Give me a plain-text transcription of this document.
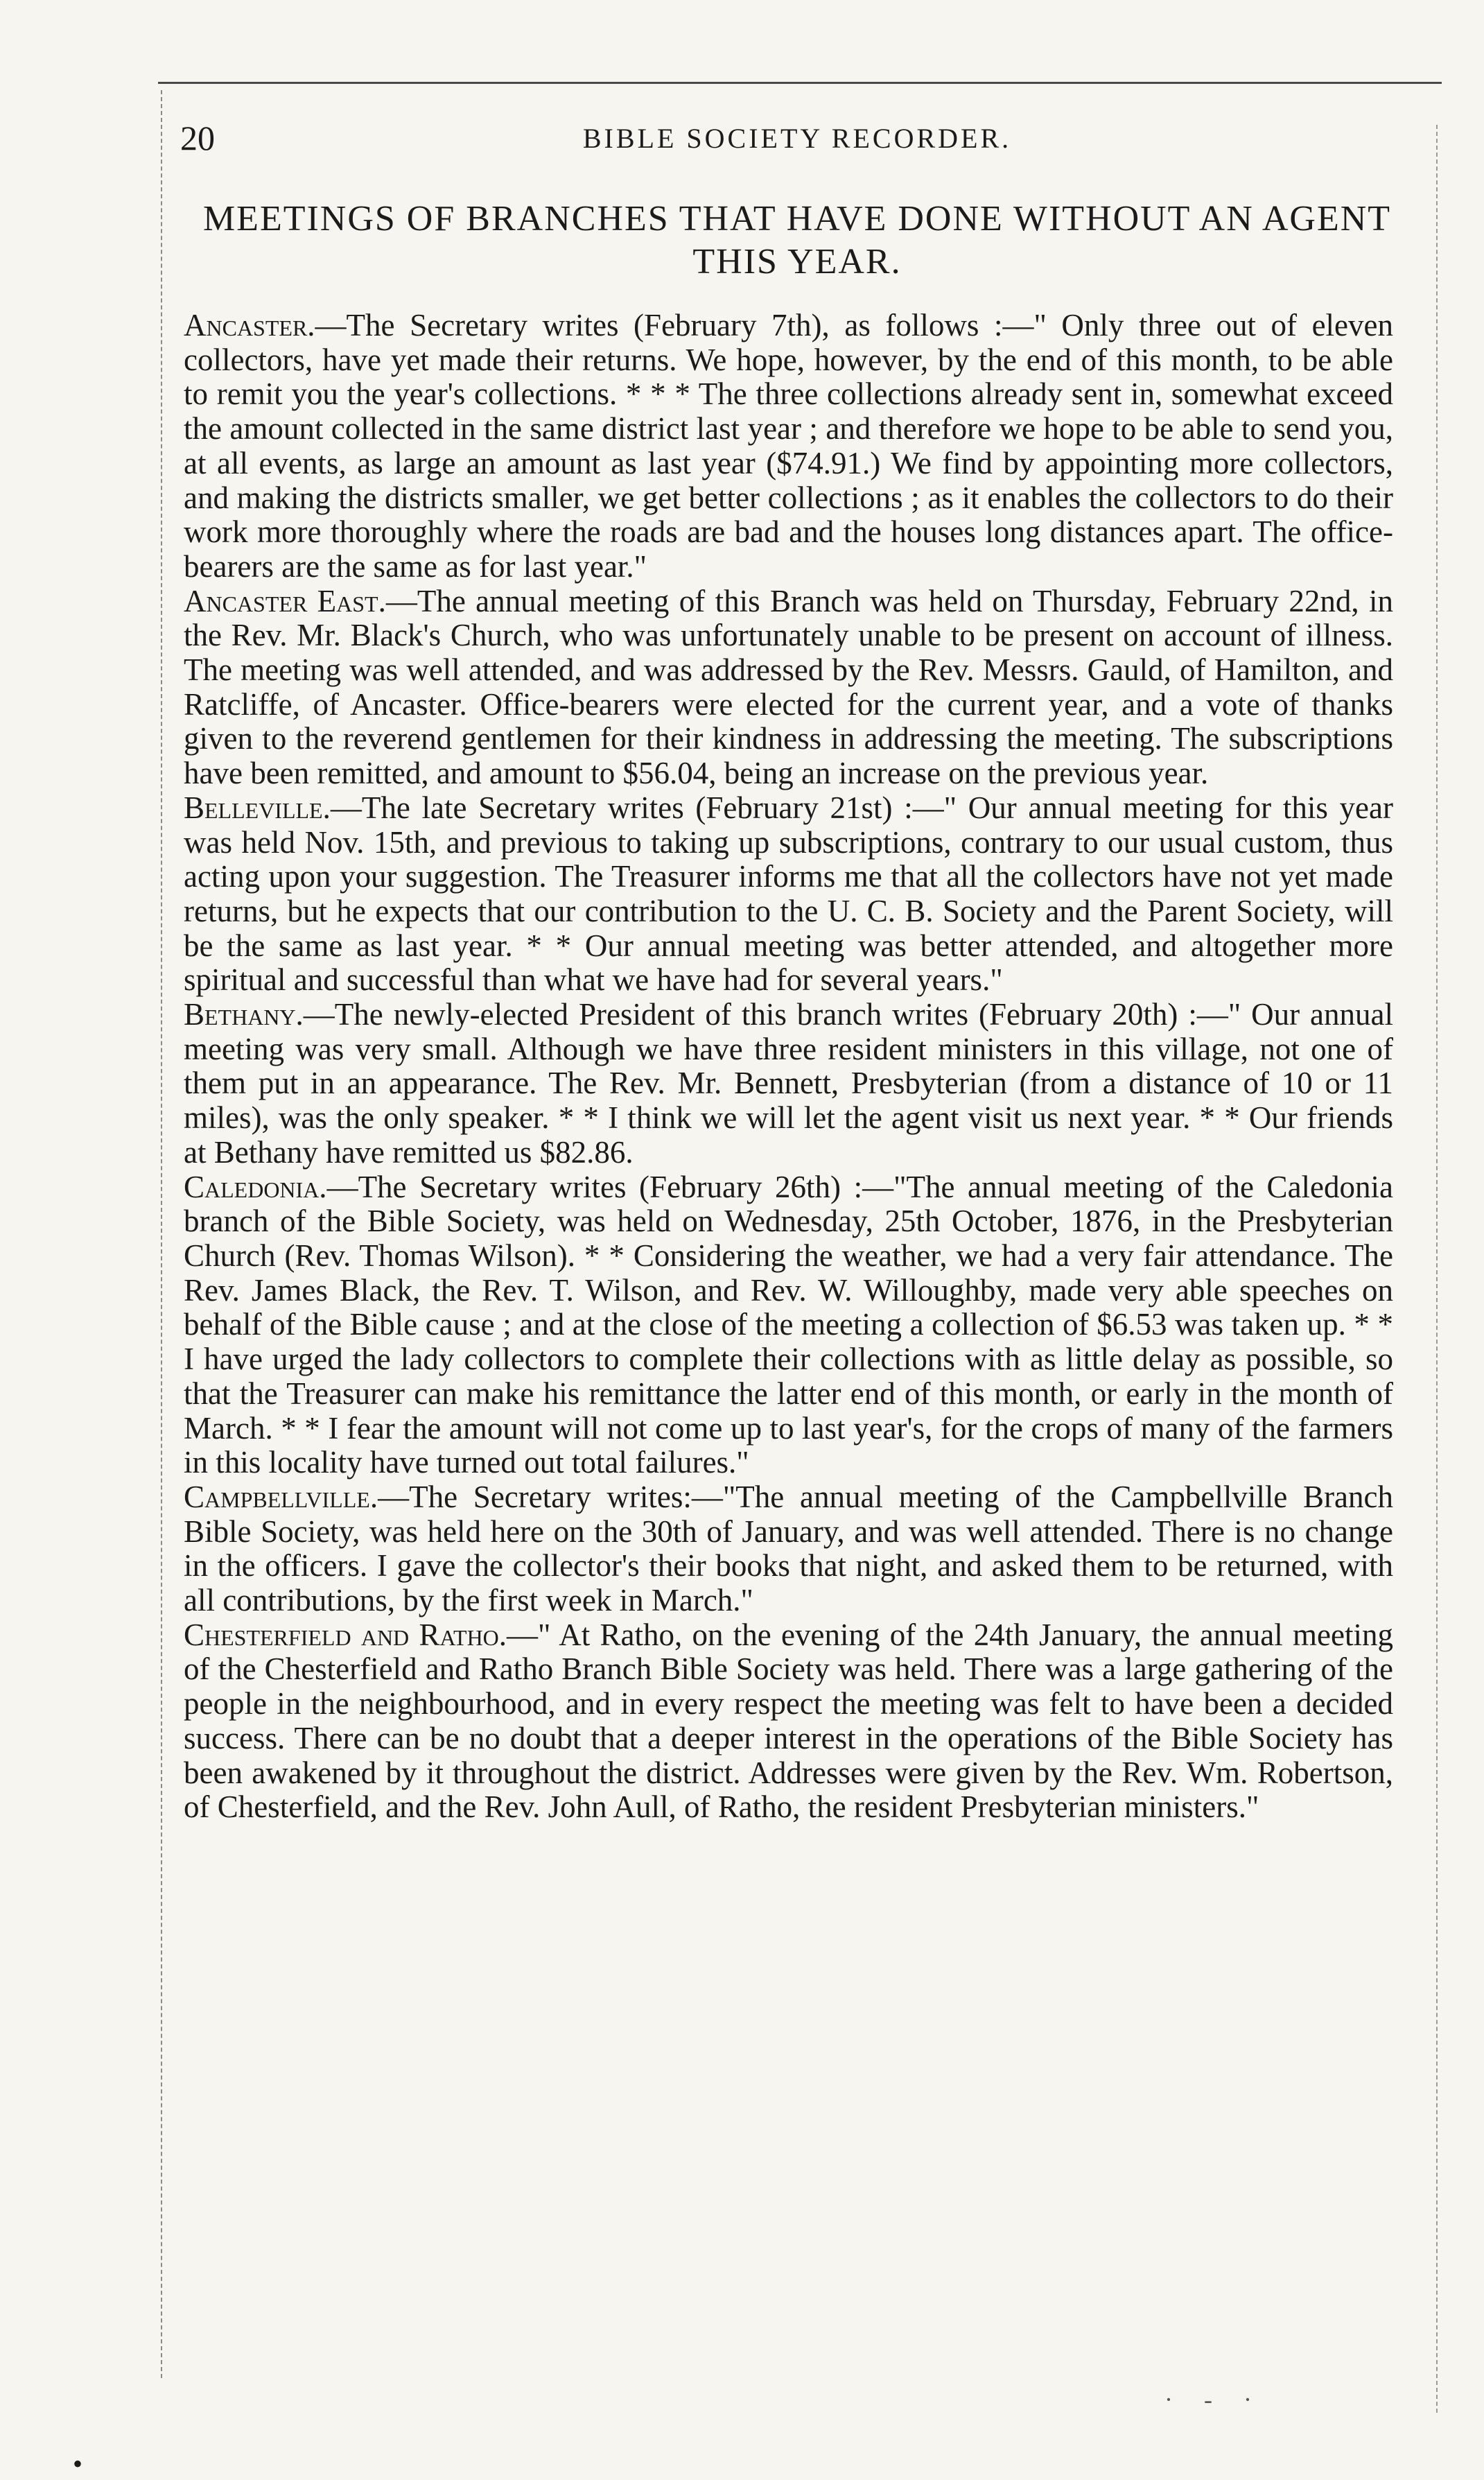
20	BIBLE SOCIETY RECORDER.
MEETINGS OF BRANCHES THAT HAVE DONE WITHOUT AN AGENT THIS YEAR.

Ancaster.—The Secretary writes (February 7th), as follows :—" Only three out of eleven collectors, have yet made their returns. We hope, however, by the end of this month, to be able to remit you the year's collections. * * * The three collections already sent in, somewhat exceed the amount collected in the same district last year ; and therefore we hope to be able to send you, at all events, as large an amount as last year ($74.91.) We find by appointing more collectors, and making the districts smaller, we get better collections ; as it enables the collectors to do their work more thoroughly where the roads are bad and the houses long distances apart. The office-bearers are the same as for last year."

Ancaster East.—The annual meeting of this Branch was held on Thursday, February 22nd, in the Rev. Mr. Black's Church, who was unfortunately unable to be present on account of illness. The meeting was well attended, and was addressed by the Rev. Messrs. Gauld, of Hamilton, and Ratcliffe, of Ancaster. Office-bearers were elected for the current year, and a vote of thanks given to the reverend gentlemen for their kindness in addressing the meeting. The subscriptions have been remitted, and amount to $56.04, being an increase on the previous year.

Belleville.—The late Secretary writes (February 21st) :—" Our annual meeting for this year was held Nov. 15th, and previous to taking up subscriptions, contrary to our usual custom, thus acting upon your suggestion. The Treasurer informs me that all the collectors have not yet made returns, but he expects that our contribution to the U. C. B. Society and the Parent Society, will be the same as last year. * * Our annual meeting was better attended, and altogether more spiritual and successful than what we have had for several years."

Bethany.—The newly-elected President of this branch writes (February 20th) :—" Our annual meeting was very small. Although we have three resident ministers in this village, not one of them put in an appearance. The Rev. Mr. Bennett, Presbyterian (from a distance of 10 or 11 miles), was the only speaker. * * I think we will let the agent visit us next year. * * Our friends at Bethany have remitted us $82.86.

Caledonia.—The Secretary writes (February 26th) :—"The annual meeting of the Caledonia branch of the Bible Society, was held on Wednesday, 25th October, 1876, in the Presbyterian Church (Rev. Thomas Wilson). * * Considering the weather, we had a very fair attendance. The Rev. James Black, the Rev. T. Wilson, and Rev. W. Willoughby, made very able speeches on behalf of the Bible cause ; and at the close of the meeting a collection of $6.53 was taken up. * * I have urged the lady collectors to complete their collections with as little delay as possible, so that the Treasurer can make his remittance the latter end of this month, or early in the month of March. * * I fear the amount will not come up to last year's, for the crops of many of the farmers in this locality have turned out total failures."

Campbellville.—The Secretary writes:—"The annual meeting of the Campbellville Branch Bible Society, was held here on the 30th of January, and was well attended. There is no change in the officers. I gave the collector's their books that night, and asked them to be returned, with all contributions, by the first week in March."

Chesterfield and Ratho.—" At Ratho, on the evening of the 24th January, the annual meeting of the Chesterfield and Ratho Branch Bible Society was held. There was a large gathering of the people in the neighbourhood, and in every respect the meeting was felt to have been a decided success. There can be no doubt that a deeper interest in the operations of the Bible Society has been awakened by it throughout the district. Addresses were given by the Rev. Wm. Robertson, of Chesterfield, and the Rev. John Aull, of Ratho, the resident Presbyterian ministers."

· - ·
•
